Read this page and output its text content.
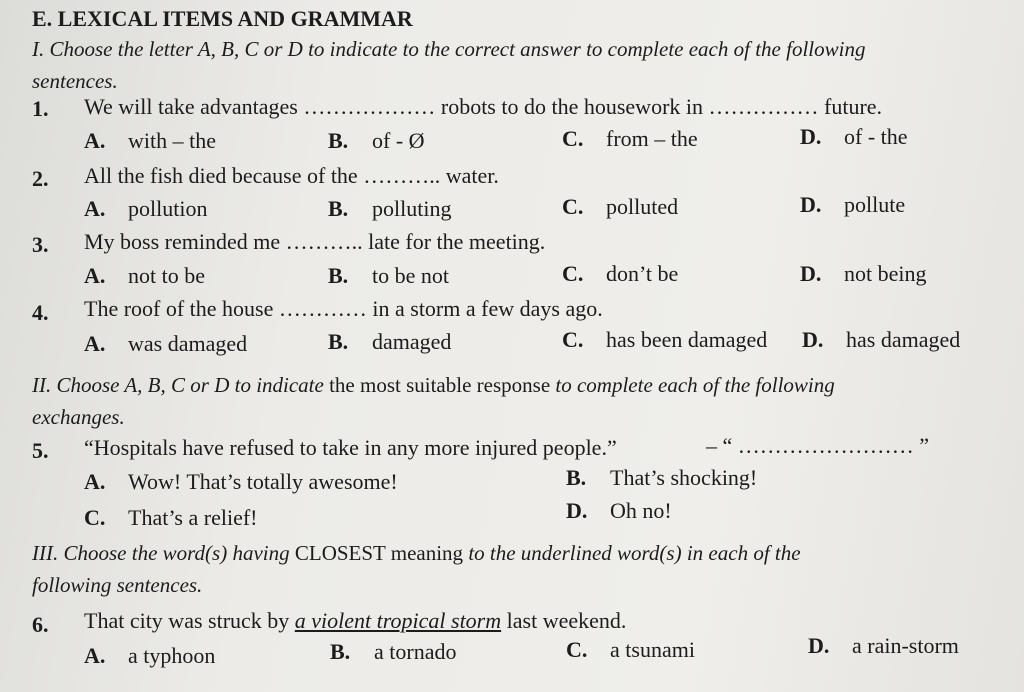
E. LEXICAL ITEMS AND GRAMMAR
I. Choose the letter A, B, C or D to indicate to the correct answer to complete each of the following
sentences.
1. We will take advantages ……………… robots to do the housework in …………… future.
A. with – the	B. of - Ø	C. from – the	D. of - the
2. All the fish died because of the ……….. water.
A. pollution	B. polluting	C. polluted	D. pollute
3. My boss reminded me ……….. late for the meeting.
A. not to be	B. to be not	C. don’t be	D. not being
4. The roof of the house ………… in a storm a few days ago.
A. was damaged	B. damaged	C. has been damaged D. has damaged
II. Choose A, B, C or D to indicate the most suitable response to complete each of the following
exchanges.
5. “Hospitals have refused to take in any more injured people.”	– “ …………………… ”
A. Wow! That’s totally awesome!	B. That’s shocking!
C. That’s a relief!	D. Oh no!
III. Choose the word(s) having CLOSEST meaning to the underlined word(s) in each of the
following sentences.
6. That city was struck by a violent tropical storm last weekend.
A. a typhoon	B. a tornado	C. a tsunami	D. a rain-storm
